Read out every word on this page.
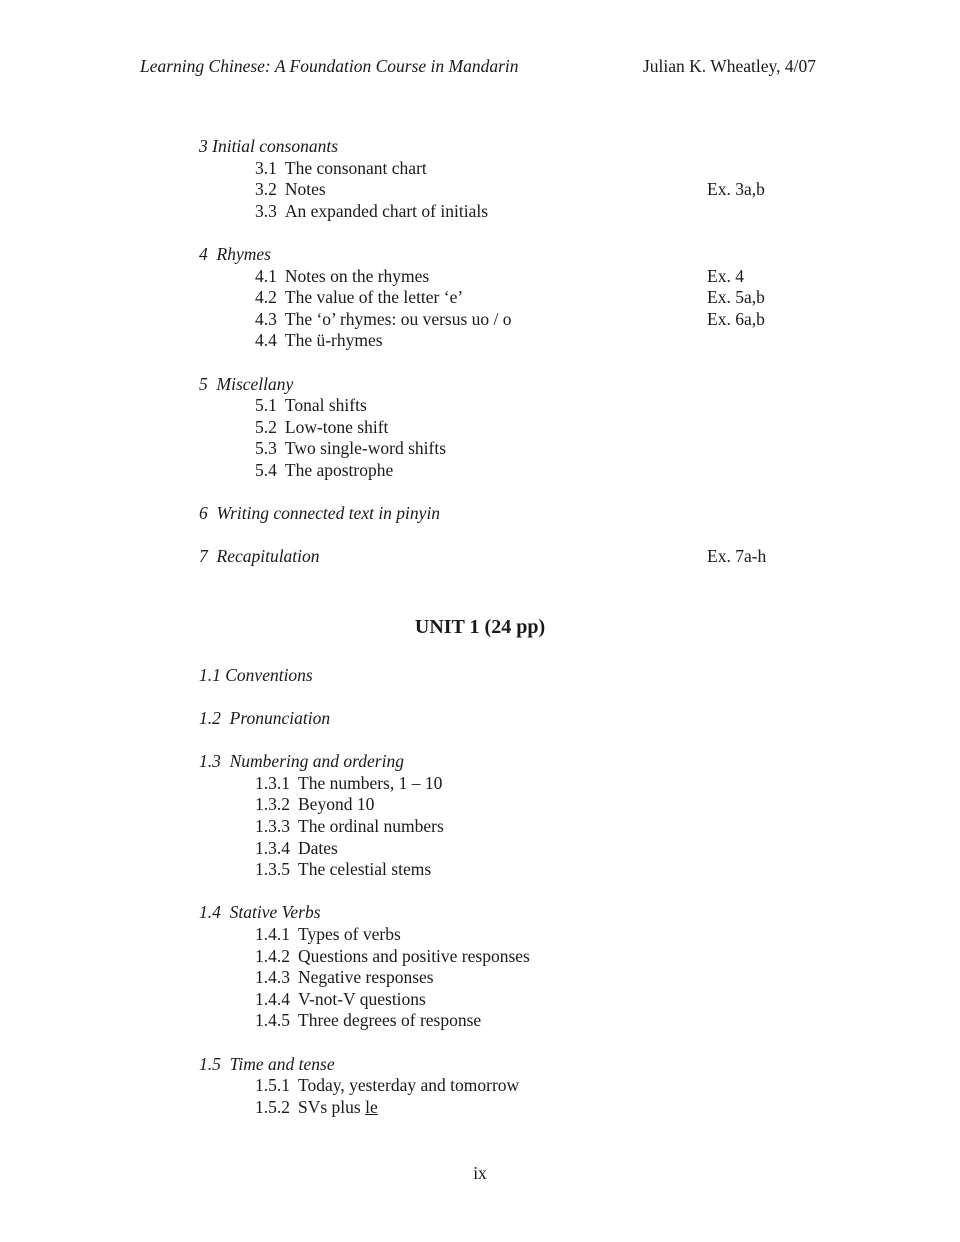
Learning Chinese: A Foundation Course in Mandarin	Julian K. Wheatley, 4/07
3 Initial consonants
3.1 The consonant chart
3.2 Notes	Ex. 3a,b
3.3 An expanded chart of initials
4  Rhymes
4.1 Notes on the rhymes	Ex. 4
4.2 The value of the letter ‘e’	Ex. 5a,b
4.3 The ‘o’ rhymes: ou versus uo / o	Ex. 6a,b
4.4 The ü-rhymes
5  Miscellany
5.1 Tonal shifts
5.2 Low-tone shift
5.3 Two single-word shifts
5.4 The apostrophe
6  Writing connected text in pinyin
7  Recapitulation	Ex. 7a-h
UNIT 1 (24 pp)
1.1 Conventions
1.2  Pronunciation
1.3  Numbering and ordering
1.3.1 The numbers, 1 – 10
1.3.2 Beyond 10
1.3.3 The ordinal numbers
1.3.4 Dates
1.3.5 The celestial stems
1.4  Stative Verbs
1.4.1 Types of verbs
1.4.2 Questions and positive responses
1.4.3 Negative responses
1.4.4 V-not-V questions
1.4.5 Three degrees of response
1.5  Time and tense
1.5.1 Today, yesterday and tomorrow
1.5.2 SVs plus le
ix
